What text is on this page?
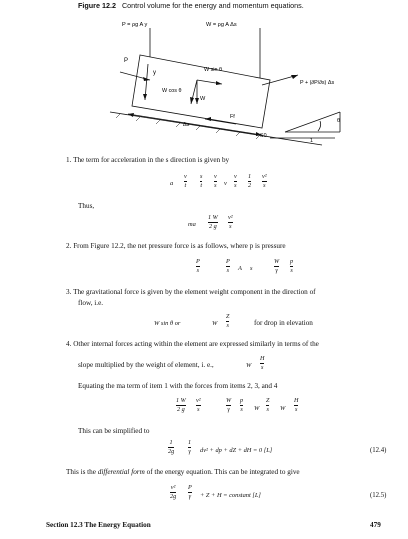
Figure 12.2 Control volume for the energy and momentum equations.
P = ρg A y	W = ρg A Δs
P
y	W sin θ
W cos θ
W
P + (∂P/∂s) Δs
Ff
Δs
S0
θ
1
1. The term for acceleration in the s direction is given by
a
v
t
s
t
v
s v
v
s
1
2
v²
s
Thus,
ma
1 W
2 g
v²
s
2. From Figure 12.2, the net pressure force is as follows, where p is pressure
P
s
P
s A s
W
γ
p
s
3. The gravitational force is given by the element weight component in the direction of
flow, i.e.
W sin θ or	W
Z
s	for drop in elevation
4. Other internal forces acting within the element are expressed similarly in terms of the
slope multiplied by the weight of element, i. e.,	W
H
s
Equating the ma term of item 1 with the forces from items 2, 3, and 4
1 W
2 g
v²
s
W
γ
p
s W
Z
s W
H
s
This can be simplified to
1
2g
1
γ dv² + dp + dZ + dH = 0 [L]	(12.4)
This is the differential form of the energy equation. This can be integrated to give
v²
2g
P
γ + Z + H = constant [L]	(12.5)
Section 12.3 The Energy Equation	479
